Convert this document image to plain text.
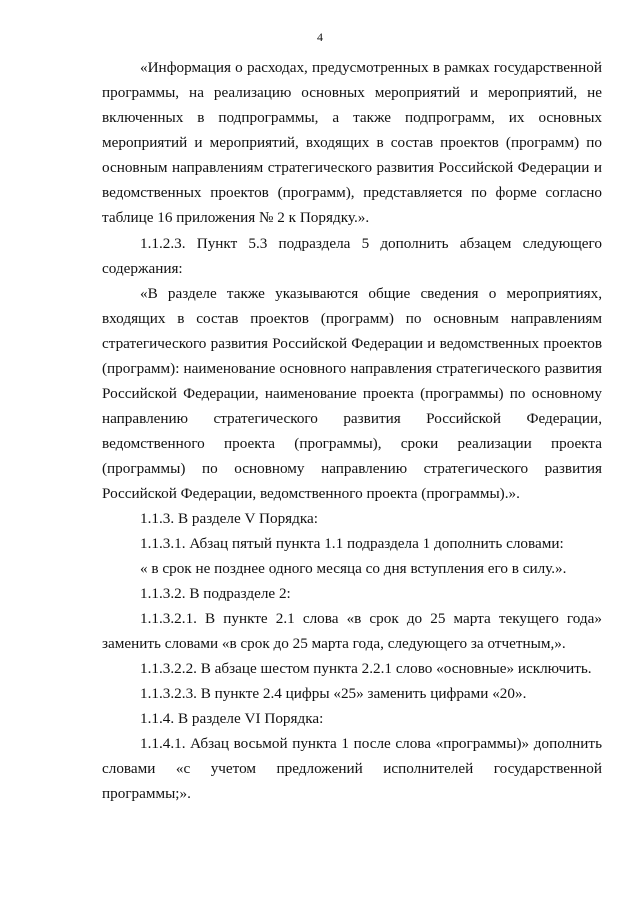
4

«Информация о расходах, предусмотренных в рамках государственной программы, на реализацию основных мероприятий и мероприятий, не включенных в подпрограммы, а также подпрограмм, их основных мероприятий и мероприятий, входящих в состав проектов (программ) по основным направлениям стратегического развития Российской Федерации и ведомственных проектов (программ), представляется по форме согласно таблице 16 приложения № 2 к Порядку.».

1.1.2.3. Пункт 5.3 подраздела 5 дополнить абзацем следующего содержания:

«В разделе также указываются общие сведения о мероприятиях, входящих в состав проектов (программ) по основным направлениям стратегического развития Российской Федерации и ведомственных проектов (программ): наименование основного направления стратегического развития Российской Федерации, наименование проекта (программы) по основному направлению стратегического развития Российской Федерации, ведомственного проекта (программы), сроки реализации проекта (программы) по основному направлению стратегического развития Российской Федерации, ведомственного проекта (программы).».

1.1.3. В разделе V Порядка:

1.1.3.1. Абзац пятый пункта 1.1 подраздела 1 дополнить словами:

« в срок не позднее одного месяца со дня вступления его в силу.».

1.1.3.2. В подразделе 2:

1.1.3.2.1. В пункте 2.1 слова «в срок до 25 марта текущего года» заменить словами «в срок до 25 марта года, следующего за отчетным,».

1.1.3.2.2. В абзаце шестом пункта 2.2.1 слово «основные» исключить.

1.1.3.2.3. В пункте 2.4 цифры «25» заменить цифрами «20».

1.1.4. В разделе VI Порядка:

1.1.4.1. Абзац восьмой пункта 1 после слова «программы)» дополнить словами «с учетом предложений исполнителей государственной программы;».
